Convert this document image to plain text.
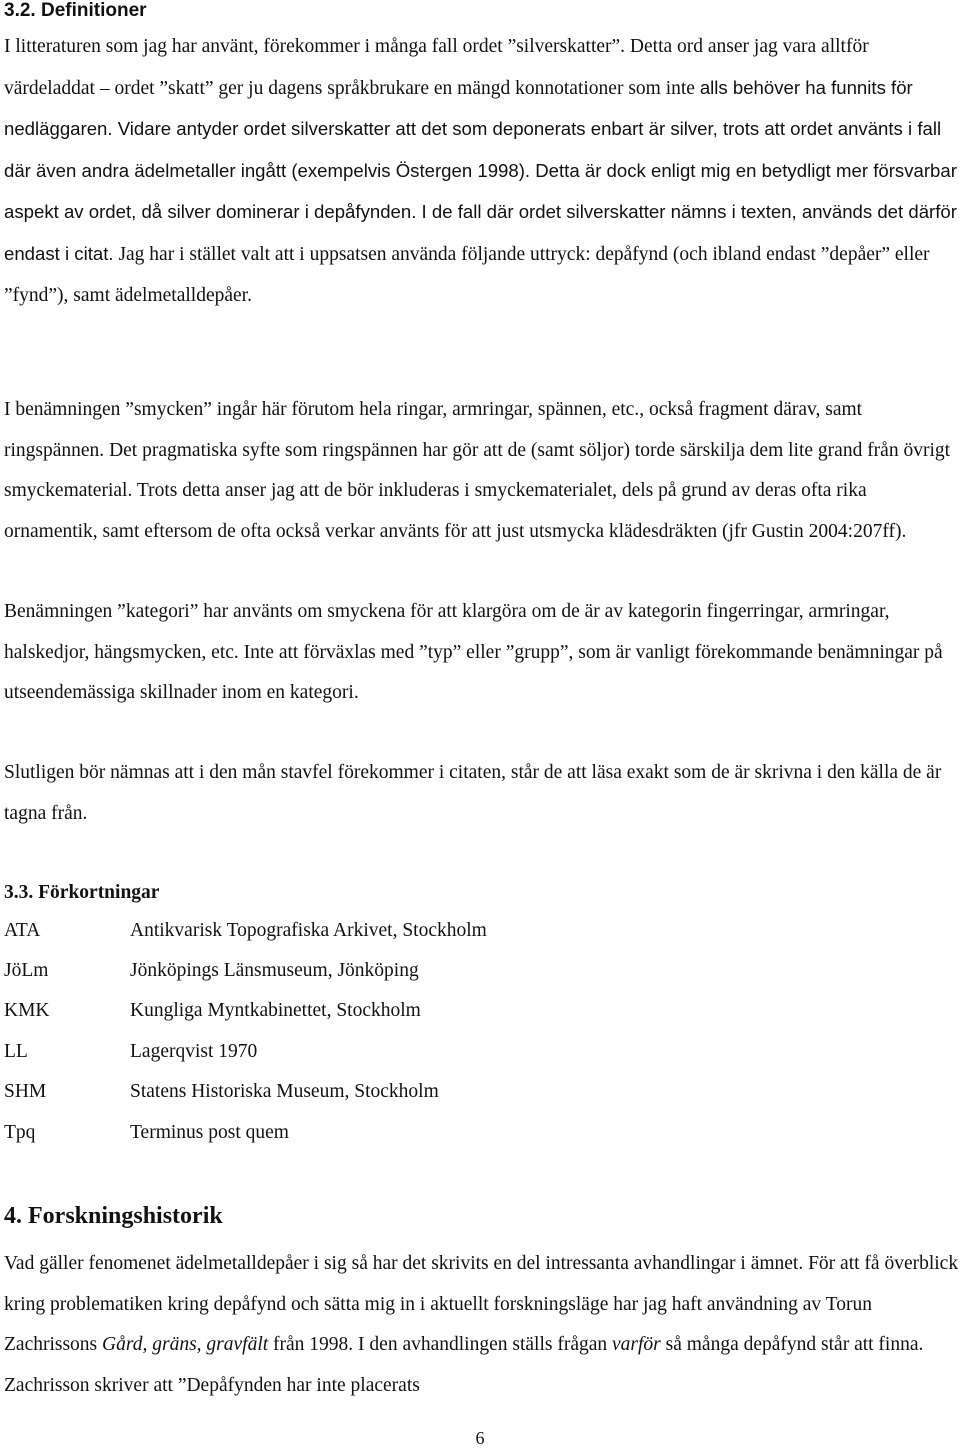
3.2. Definitioner

I litteraturen som jag har använt, förekommer i många fall ordet ”silverskatter”. Detta ord anser jag vara alltför värdeladdat – ordet ”skatt” ger ju dagens språkbrukare en mängd konnotationer som inte alls behöver ha funnits för nedläggaren. Vidare antyder ordet silverskatter att det som deponerats enbart är silver, trots att ordet använts i fall där även andra ädelmetaller ingått (exempelvis Östergen 1998). Detta är dock enligt mig en betydligt mer försvarbar aspekt av ordet, då silver dominerar i depåfynden. I de fall där ordet silverskatter nämns i texten, används det därför endast i citat. Jag har i stället valt att i uppsatsen använda följande uttryck: depåfynd (och ibland endast ”depåer” eller ”fynd”), samt ädelmetalldepåer.

I benämningen ”smycken” ingår här förutom hela ringar, armringar, spännen, etc., också fragment därav, samt ringspännen. Det pragmatiska syfte som ringspännen har gör att de (samt söljor) torde särskilja dem lite grand från övrigt smyckematerial. Trots detta anser jag att de bör inkluderas i smyckematerialet, dels på grund av deras ofta rika ornamentik, samt eftersom de ofta också verkar använts för att just utsmycka klädesdräkten (jfr Gustin 2004:207ff).

Benämningen ”kategori” har använts om smyckena för att klargöra om de är av kategorin fingerringar, armringar, halskedjor, hängsmycken, etc. Inte att förväxlas med ”typ” eller ”grupp”, som är vanligt förekommande benämningar på utseendemässiga skillnader inom en kategori.

Slutligen bör nämnas att i den mån stavfel förekommer i citaten, står de att läsa exakt som de är skrivna i den källa de är tagna från.

3.3. Förkortningar
ATA	Antikvarisk Topografiska Arkivet, Stockholm
JöLm	Jönköpings Länsmuseum, Jönköping
KMK	Kungliga Myntkabinettet, Stockholm
LL	Lagerqvist 1970
SHM	Statens Historiska Museum, Stockholm
Tpq	Terminus post quem
4. Forskningshistorik

Vad gäller fenomenet ädelmetalldepåer i sig så har det skrivits en del intressanta avhandlingar i ämnet. För att få överblick kring problematiken kring depåfynd och sätta mig in i aktuellt forskningsläge har jag haft användning av Torun Zachrissons Gård, gräns, gravfält från 1998. I den avhandlingen ställs frågan varför så många depåfynd står att finna. Zachrisson skriver att ”Depåfynden har inte placerats

6
